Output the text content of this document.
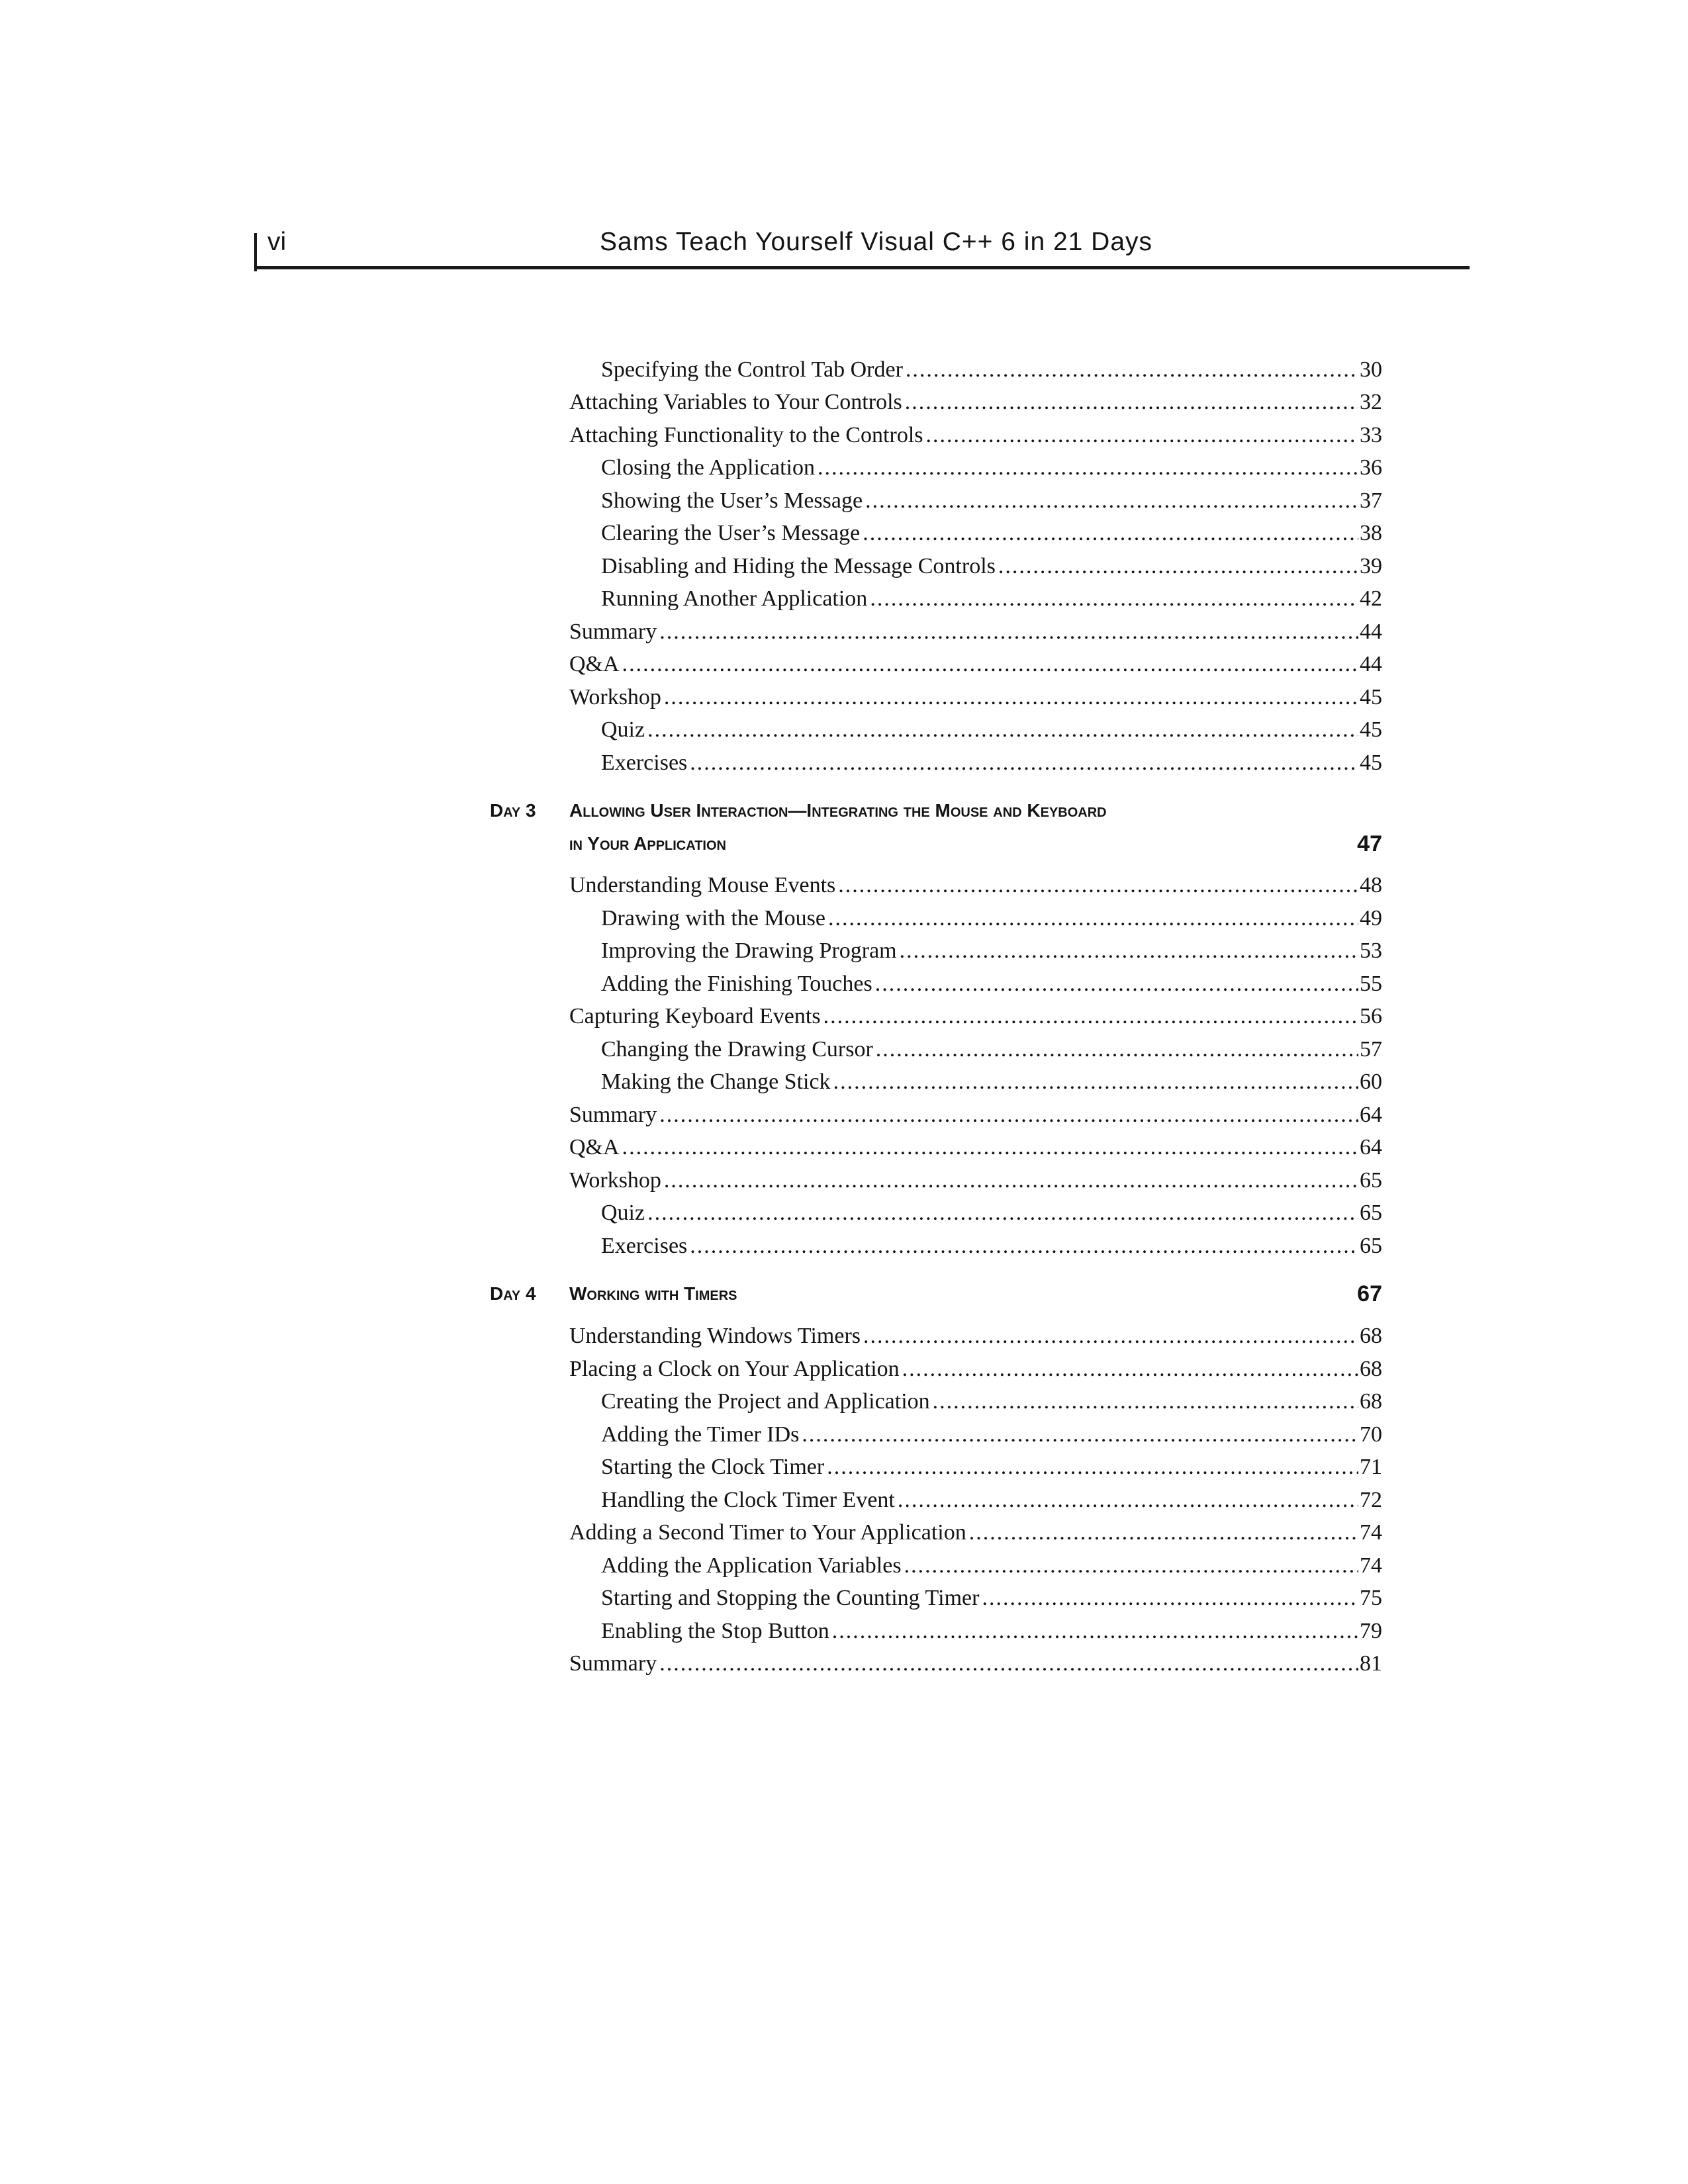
vi	Sams Teach Yourself Visual C++ 6 in 21 Days
Specifying the Control Tab Order .....	30
Attaching Variables to Your Controls .....	32
Attaching Functionality to the Controls .....	33
Closing the Application .....	36
Showing the User’s Message .....	37
Clearing the User’s Message .....	38
Disabling and Hiding the Message Controls .....	39
Running Another Application .....	42
Summary .....	44
Q&A .....	44
Workshop .....	45
Quiz .....	45
Exercises .....	45
Day 3 Allowing User Interaction—Integrating the Mouse and Keyboard
in Your Application	47
Understanding Mouse Events .....	48
Drawing with the Mouse .....	49
Improving the Drawing Program .....	53
Adding the Finishing Touches .....	55
Capturing Keyboard Events .....	56
Changing the Drawing Cursor .....	57
Making the Change Stick .....	60
Summary .....	64
Q&A .....	64
Workshop .....	65
Quiz .....	65
Exercises .....	65
Day 4 Working with Timers	67
Understanding Windows Timers .....	68
Placing a Clock on Your Application .....	68
Creating the Project and Application .....	68
Adding the Timer IDs .....	70
Starting the Clock Timer .....	71
Handling the Clock Timer Event .....	72
Adding a Second Timer to Your Application .....	74
Adding the Application Variables .....	74
Starting and Stopping the Counting Timer .....	75
Enabling the Stop Button .....	79
Summary .....	81
